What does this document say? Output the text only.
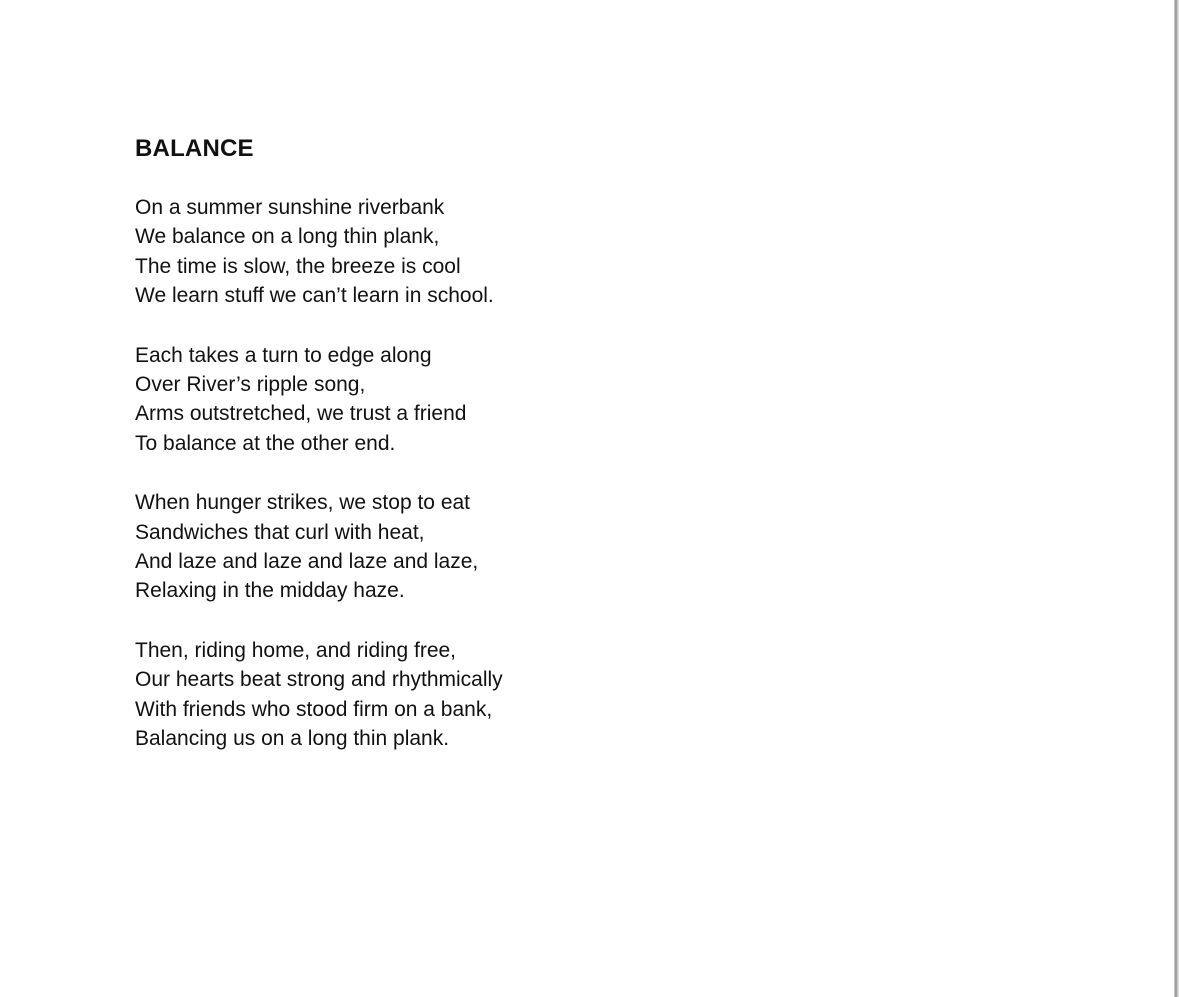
BALANCE
On a summer sunshine riverbank
We balance on a long thin plank,
The time is slow, the breeze is cool
We learn stuff we can’t learn in school.
Each takes a turn to edge along
Over River’s ripple song,
Arms outstretched, we trust a friend
To balance at the other end.
When hunger strikes, we stop to eat
Sandwiches that curl with heat,
And laze and laze and laze and laze,
Relaxing in the midday haze.
Then, riding home, and riding free,
Our hearts beat strong and rhythmically
With friends who stood firm on a bank,
Balancing us on a long thin plank.
